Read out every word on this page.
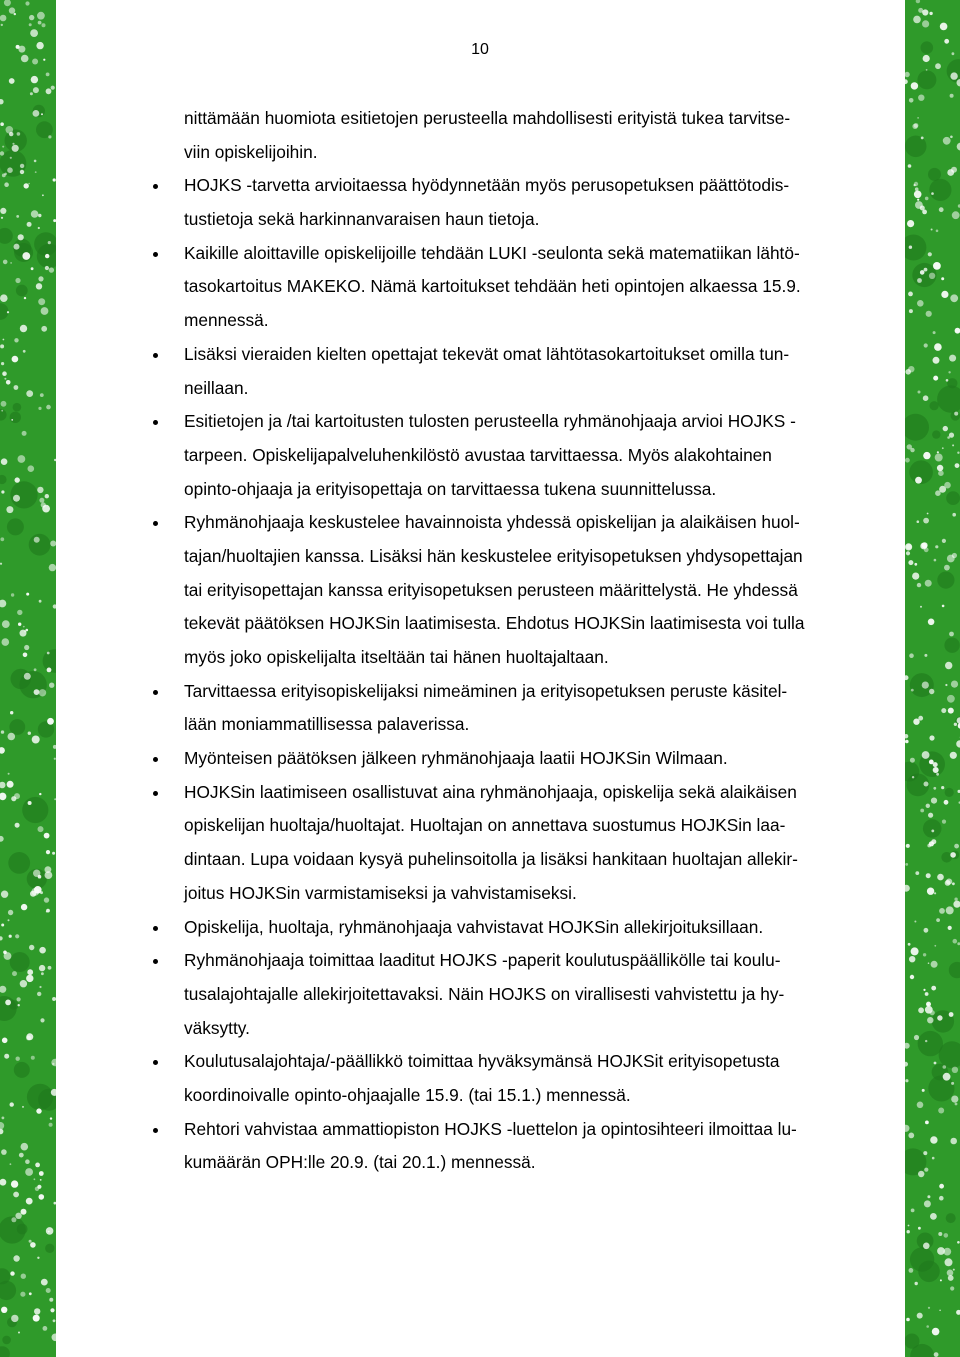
10
nittämään huomiota esitietojen perusteella mahdollisesti erityistä tukea tarvitse-
viin opiskelijoihin.
HOJKS -tarvetta arvioitaessa hyödynnetään myös perusopetuksen päättötodis-
tustietoja sekä harkinnanvaraisen haun tietoja.
Kaikille aloittaville opiskelijoille tehdään LUKI -seulonta sekä matematiikan lähtö-
tasokartoitus MAKEKO. Nämä kartoitukset tehdään heti opintojen alkaessa 15.9.
mennessä.
Lisäksi vieraiden kielten opettajat tekevät omat lähtötasokartoitukset omilla tun-
neillaan.
Esitietojen ja /tai kartoitusten tulosten perusteella ryhmänohjaaja arvioi HOJKS -
tarpeen. Opiskelijapalveluhenkilöstö avustaa tarvittaessa. Myös alakohtainen
opinto-ohjaaja ja erityisopettaja on tarvittaessa tukena suunnittelussa.
Ryhmänohjaaja keskustelee havainnoista yhdessä opiskelijan ja alaikäisen huol-
tajan/huoltajien kanssa. Lisäksi hän keskustelee erityisopetuksen yhdysopettajan
tai erityisopettajan kanssa erityisopetuksen perusteen määrittelystä. He yhdessä
tekevät päätöksen HOJKSin laatimisesta. Ehdotus HOJKSin laatimisesta voi tulla
myös joko opiskelijalta itseltään tai hänen huoltajaltaan.
Tarvittaessa erityisopiskelijaksi nimeäminen ja erityisopetuksen peruste käsitel-
lään moniammatillisessa palaverissa.
Myönteisen päätöksen jälkeen ryhmänohjaaja laatii HOJKSin Wilmaan.
HOJKSin laatimiseen osallistuvat aina ryhmänohjaaja, opiskelija sekä alaikäisen
opiskelijan huoltaja/huoltajat. Huoltajan on annettava suostumus HOJKSin laa-
dintaan. Lupa voidaan kysyä puhelinsoitolla ja lisäksi hankitaan huoltajan allekir-
joitus HOJKSin varmistamiseksi ja vahvistamiseksi.
Opiskelija, huoltaja, ryhmänohjaaja vahvistavat HOJKSin allekirjoituksillaan.
Ryhmänohjaaja toimittaa laaditut HOJKS -paperit koulutuspäällikölle tai koulu-
tusalajohtajalle allekirjoitettavaksi. Näin HOJKS on virallisesti vahvistettu ja hy-
väksytty.
Koulutusalajohtaja/-päällikkö toimittaa hyväksymänsä HOJKSit erityisopetusta
koordinoivalle opinto-ohjaajalle 15.9. (tai 15.1.) mennessä.
Rehtori vahvistaa ammattiopiston HOJKS -luettelon ja opintosihteeri ilmoittaa lu-
kumäärän OPH:lle 20.9. (tai 20.1.) mennessä.
